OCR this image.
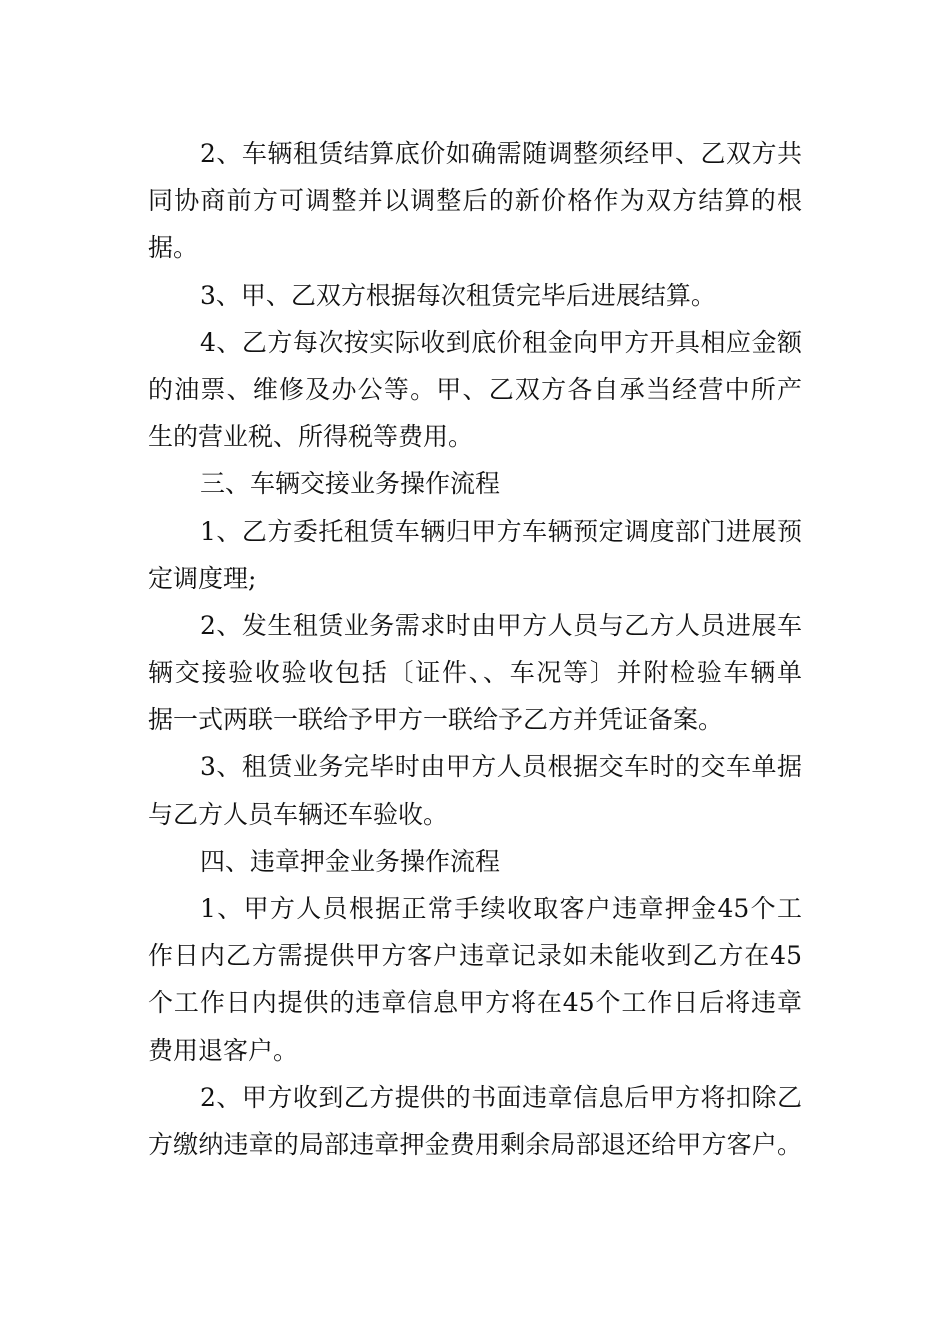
2、车辆租赁结算底价如确需随调整须经甲、乙双方共
同协商前方可调整并以调整后的新价格作为双方结算的根
据。
3、甲、乙双方根据每次租赁完毕后进展结算。
4、乙方每次按实际收到底价租金向甲方开具相应金额
的油票、维修及办公等。甲、乙双方各自承当经营中所产
生的营业税、所得税等费用。
三、车辆交接业务操作流程
1、乙方委托租赁车辆归甲方车辆预定调度部门进展预
定调度理;
2、发生租赁业务需求时由甲方人员与乙方人员进展车
辆交接验收验收包括〔证件、、车况等〕并附检验车辆单
据一式两联一联给予甲方一联给予乙方并凭证备案。
3、租赁业务完毕时由甲方人员根据交车时的交车单据
与乙方人员车辆还车验收。
四、违章押金业务操作流程
1、甲方人员根据正常手续收取客户违章押金45个工
作日内乙方需提供甲方客户违章记录如未能收到乙方在45
个工作日内提供的违章信息甲方将在45个工作日后将违章
费用退客户。
2、甲方收到乙方提供的书面违章信息后甲方将扣除乙
方缴纳违章的局部违章押金费用剩余局部退还给甲方客户。
